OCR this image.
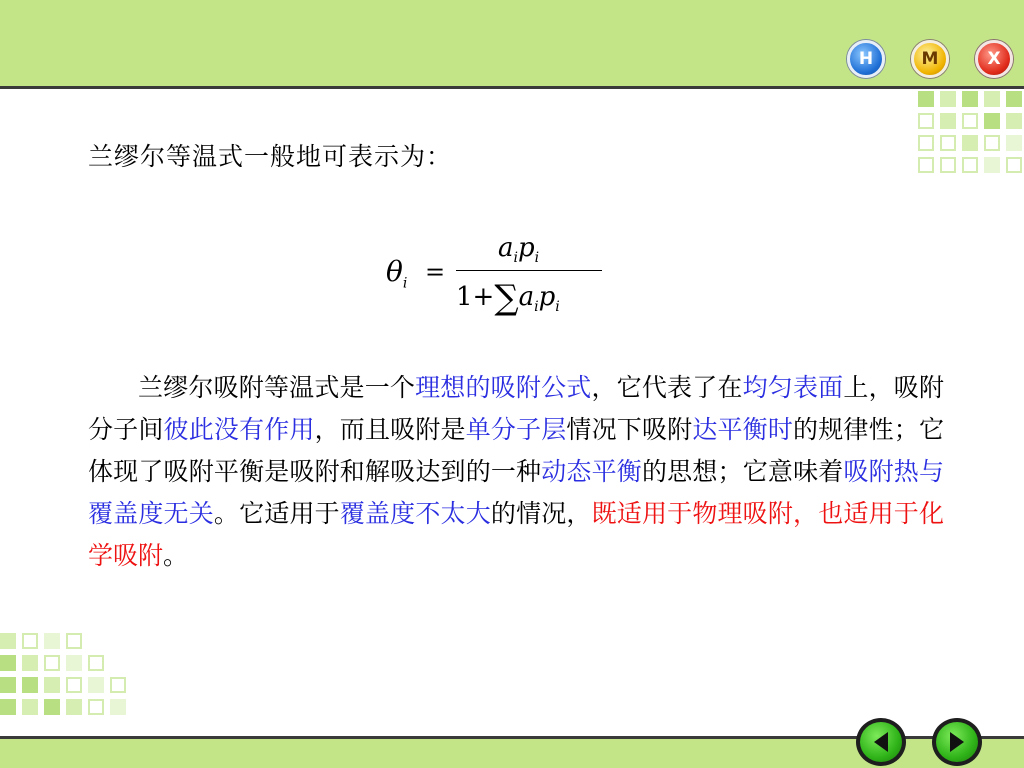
H	M	X
兰缪尔等温式一般地可表示为：
$\theta_i$ =
$a_ip_i$
$1+\sum a_ip_i$
兰缪尔吸附等温式是一个理想的吸附公式，它代表了在均匀表面上，吸附分子间彼此没有作用，而且吸附是单分子层情况下吸附达平衡时的规律性；它体现了吸附平衡是吸附和解吸达到的一种动态平衡的思想；它意味着吸附热与覆盖度无关。它适用于覆盖度不太大的情况，既适用于物理吸附，也适用于化学吸附。
